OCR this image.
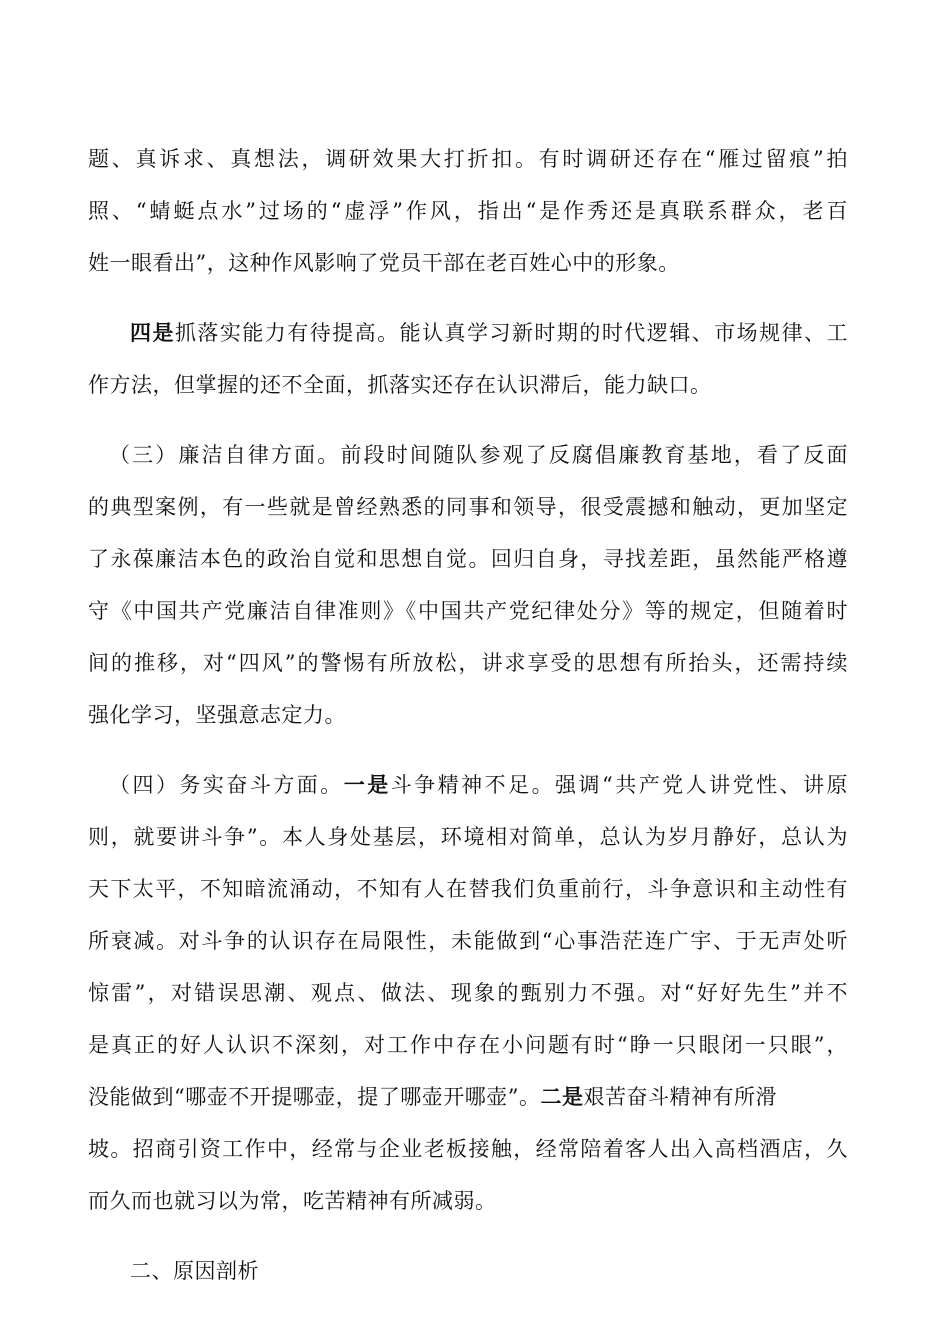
题、真诉求、真想法，调研效果大打折扣。有时调研还存在“雁过留痕”拍
照、“蜻蜓点水”过场的“虚浮”作风，指出“是作秀还是真联系群众，老百
姓一眼看出”，这种作风影响了党员干部在老百姓心中的形象。
四是抓落实能力有待提高。能认真学习新时期的时代逻辑、市场规律、工
作方法，但掌握的还不全面，抓落实还存在认识滞后，能力缺口。
（三）廉洁自律方面。前段时间随队参观了反腐倡廉教育基地，看了反面
的典型案例，有一些就是曾经熟悉的同事和领导，很受震撼和触动，更加坚定
了永葆廉洁本色的政治自觉和思想自觉。回归自身，寻找差距，虽然能严格遵
守《中国共产党廉洁自律准则》《中国共产党纪律处分》等的规定，但随着时
间的推移，对“四风”的警惕有所放松，讲求享受的思想有所抬头，还需持续
强化学习，坚强意志定力。
（四）务实奋斗方面。一是斗争精神不足。强调“共产党人讲党性、讲原
则，就要讲斗争”。本人身处基层，环境相对简单，总认为岁月静好，总认为
天下太平，不知暗流涌动，不知有人在替我们负重前行，斗争意识和主动性有
所衰减。对斗争的认识存在局限性，未能做到“心事浩茫连广宇、于无声处听
惊雷”，对错误思潮、观点、做法、现象的甄别力不强。对“好好先生”并不
是真正的好人认识不深刻，对工作中存在小问题有时“睁一只眼闭一只眼”，
没能做到“哪壶不开提哪壶，提了哪壶开哪壶”。二是艰苦奋斗精神有所滑
坡。招商引资工作中，经常与企业老板接触，经常陪着客人出入高档酒店，久
而久而也就习以为常，吃苦精神有所减弱。
二、原因剖析
